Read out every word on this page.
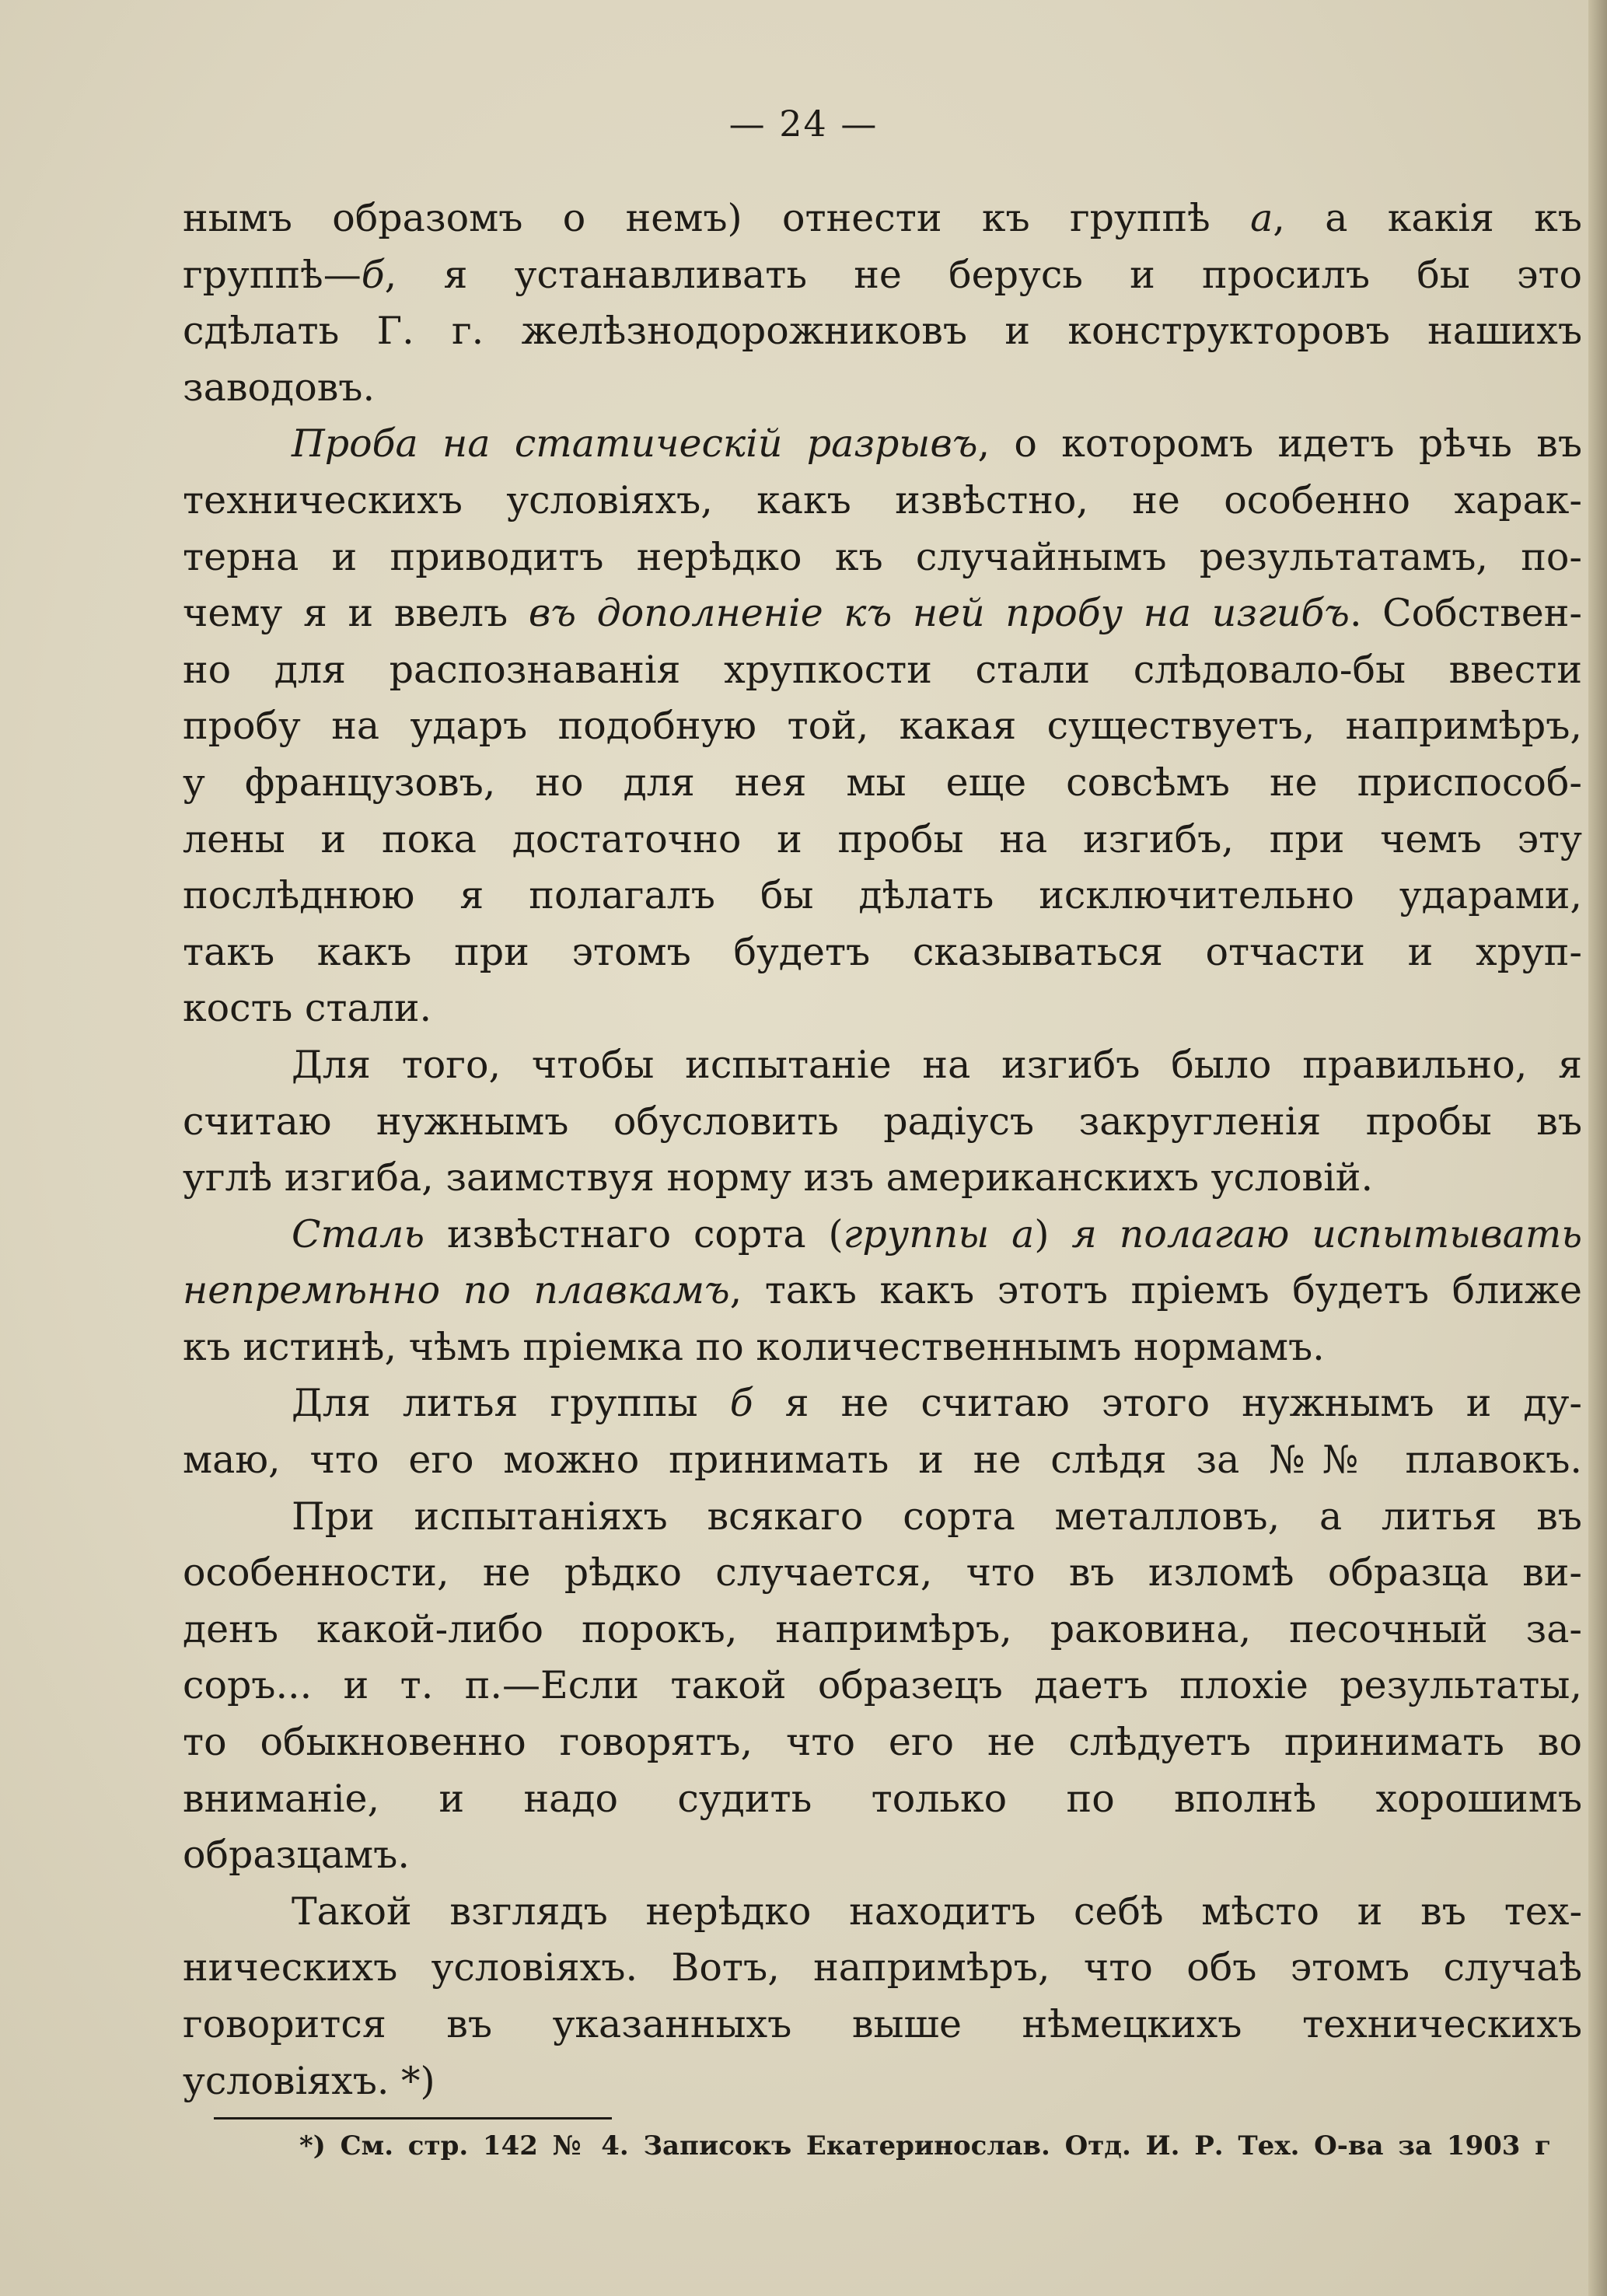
— 24 —
нымъ образомъ о немъ) отнести къ группѣ а, а какія къ
группѣ—б, я устанавливать не берусь и просилъ бы это
сдѣлать Г. г. желѣзнодорожниковъ и конструкторовъ нашихъ
заводовъ.
Проба на статическій разрывъ, о которомъ идетъ рѣчь въ
техническихъ условіяхъ, какъ извѣстно, не особенно харак-
терна и приводитъ нерѣдко къ случайнымъ результатамъ, по-
чему я и ввелъ въ дополненіе къ ней пробу на изгибъ. Собствен-
но для распознаванія хрупкости стали слѣдовало-бы ввести
пробу на ударъ подобную той, какая существуетъ, напримѣръ,
у французовъ, но для нея мы еще совсѣмъ не приспособ-
лены и пока достаточно и пробы на изгибъ, при чемъ эту
послѣднюю я полагалъ бы дѣлать исключительно ударами,
такъ какъ при этомъ будетъ сказываться отчасти и хруп-
кость стали.
Для того, чтобы испытаніе на изгибъ было правильно, я
считаю нужнымъ обусловить радіусъ закругленія пробы въ
углѣ изгиба, заимствуя норму изъ американскихъ условій.
Сталь извѣстнаго сорта (группы а) я полагаю испытывать
непремѣнно по плавкамъ, такъ какъ этотъ пріемъ будетъ ближе
къ истинѣ, чѣмъ пріемка по количественнымъ нормамъ.
Для литья группы б я не считаю этого нужнымъ и ду-
маю, что его можно принимать и не слѣдя за №№ плавокъ.
При испытаніяхъ всякаго сорта металловъ, а литья въ
особенности, не рѣдко случается, что въ изломѣ образца ви-
денъ какой-либо порокъ, напримѣръ, раковина, песочный за-
соръ... и т. п.—Если такой образецъ даетъ плохіе результаты,
то обыкновенно говорятъ, что его не слѣдуетъ принимать во
вниманіе, и надо судить только по вполнѣ хорошимъ
образцамъ.
Такой взглядъ нерѣдко находитъ себѣ мѣсто и въ тех-
ническихъ условіяхъ. Вотъ, напримѣръ, что объ этомъ случаѣ
говорится въ указанныхъ выше нѣмецкихъ техническихъ
условіяхъ. *)
*) См. стр. 142 № 4. Записокъ Екатеринослав. Отд. И. Р. Тех. О-ва за 1903 г
